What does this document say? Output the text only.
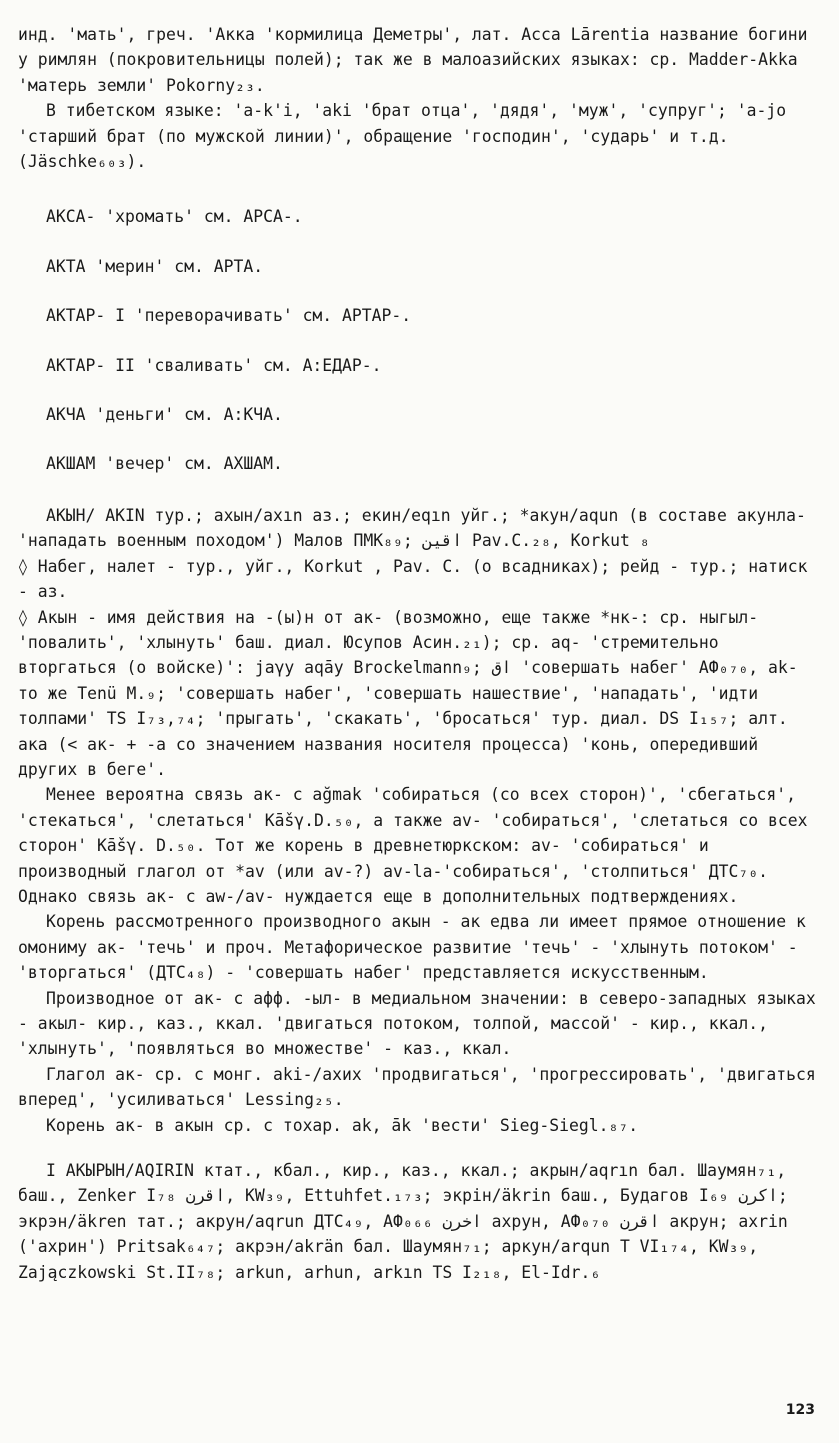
инд. 'мать', греч. 'Акка 'кормилица Деметры', лат. Acca Lārentia название богини у римлян (покровительницы полей); так же в малоазийских языках: ср. Madder-Akka 'матерь земли' Pokorny₂₃.

В тибетском языке: 'a-k'i, 'aki 'брат отца', 'дядя', 'муж', 'супруг'; 'a-jo 'старший брат (по мужской линии)', обращение 'господин', 'сударь' и т.д. (Jäschke₆₀₃).

АКСА- 'хромать' см. АРСА-.

АКТА 'мерин' см. АРТА.

АКТАР- I 'переворачивать' см. АРТАР-.

АКТАР- II 'сваливать' см. А:ЕДАР-.

АКЧА 'деньги' см. А:КЧА.

АКШАМ 'вечер' см. АХШАМ.

АКЫН/ AKIN тур.; ахын/axın аз.; екин/eqın уйг.; *акун/aqun (в составе акунла- 'нападать военным походом') Малов ПМК₈₉; اقين Pav.C.₂₈, Korkut ₈

◊ Набег, налет - тур., уйг., Korkut , Pav. C. (о всадниках); рейд - тур.; натиск - аз.

◊ Акын - имя действия на -(ы)н от ак- (возможно, еще также *нк-: ср. ныгыл- 'повалить', 'хлынуть' баш. диал. Юсупов Асин.₂₁); ср. aq- 'стремительно вторгаться (о войске)': jaγy aqāy Brockelmann₉; اق 'совершать набег' АФ₀₇₀, ak- то же Tenü M.₉; 'совершать набег', 'совершать нашествие', 'нападать', 'идти толпами' TS I₇₃,₇₄; 'прыгать', 'скакать', 'бросаться' тур. диал. DS I₁₅₇; алт. ака (< ак- + -а со значением названия носителя процесса) 'конь, опередивший других в беге'.

Менее вероятна связь ак- с ağmak 'собираться (со всех сторон)', 'сбегаться', 'стекаться', 'слетаться' Kāšγ.D.₅₀, а также av- 'собираться', 'слетаться со всех сторон' Kāšγ. D.₅₀. Тот же корень в древнетюркском: av- 'собираться' и производный глагол от *av (или av-?) av-la-'собираться', 'столпиться' ДТС₇₀. Однако связь ак- с aw-/av- нуждается еще в дополнительных подтверждениях.

Корень рассмотренного производного акын - ак едва ли имеет прямое отношение к омониму ак- 'течь' и проч. Метафорическое развитие 'течь' - 'хлынуть потоком' - 'вторгаться' (ДТС₄₈) - 'совершать набег' представляется искусственным.

Производное от ак- с афф. -ыл- в медиальном значении: в северо-западных языках - акыл- кир., каз., ккал. 'двигаться потоком, толпой, массой' - кир., ккал., 'хлынуть', 'появляться во множестве' - каз., ккал.

Глагол ак- ср. с монг. aki-/ахих 'продвигаться', 'прогрессировать', 'двигаться вперед', 'усиливаться' Lessing₂₅.

Корень ак- в акын ср. с тохар. ak, āk 'вести' Sieg-Siegl.₈₇.

I АКЫРЫН/AQIRIN ктат., кбал., кир., каз., ккал.; акрын/aqrın бал. Шаумян₇₁, баш., Zenker I₇₈ اقرن, KW₃₉, Ettuhfet.₁₇₃; экрін/äkrin баш., Будагов I₆₉ اكرن; экрэн/äkren тат.; акрун/aqrun ДТС₄₉, АФ₀₆₆ اخرن ахрун, АФ₀₇₀ اقرن акрун; axrin ('ахрин') Pritsak₆₄₇; акрэн/akrän бал. Шаумян₇₁; аркун/arqun T VI₁₇₄, KW₃₉, Zajączkowski St.II₇₈; arkun, arhun, arkın TS I₂₁₈, El-Idr.₆

123
